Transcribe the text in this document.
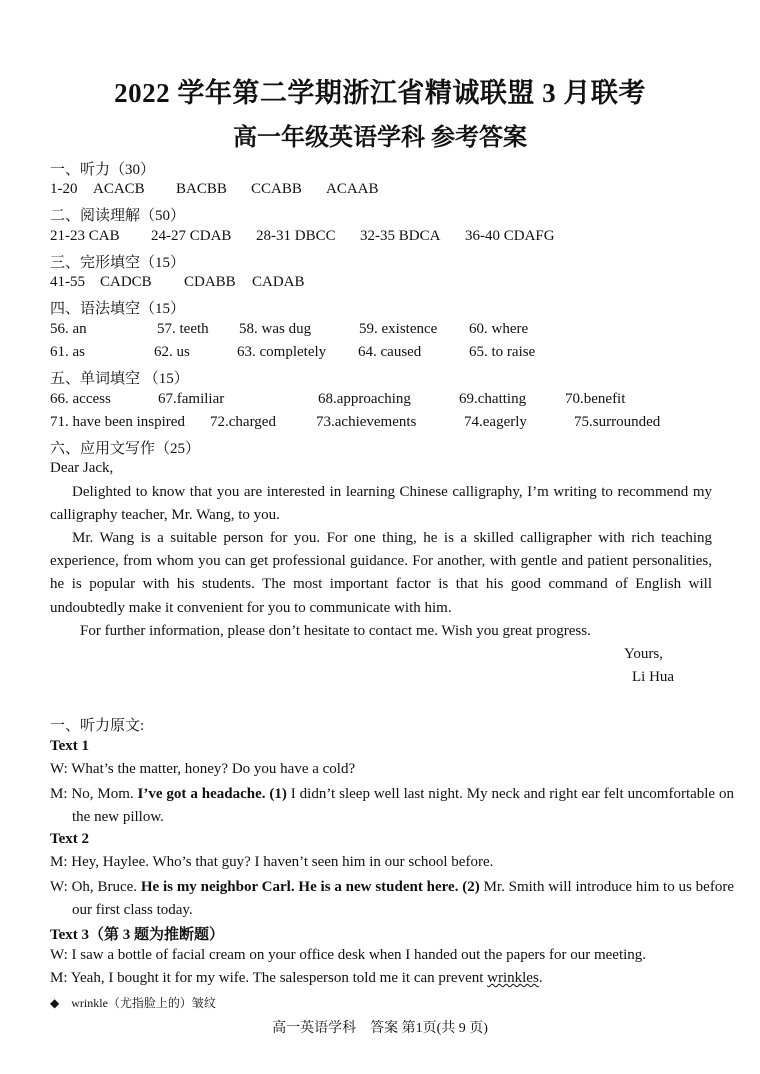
2022 学年第二学期浙江省精诚联盟 3 月联考
高一年级英语学科 参考答案
一、听力（30）
1-20 ACACB BACBB CCABB ACAAB
二、阅读理解（50）
21-23 CAB 24-27 CDAB 28-31 DBCC 32-35 BDCA 36-40 CDAFG
三、完形填空（15）
41-55 CADCB CDABB CADAB
四、语法填空（15）
56. an	57. teeth 58. was dug	59. existence 60. where
61. as	62. us	63. completely 64. caused	65. to raise
五、单词填空 （15）
66. access	67.familiar	68.approaching	69.chatting	70.benefit
71. have been inspired 72.charged	73.achievements	74.eagerly	75.surrounded
六、应用文写作（25）
Dear Jack,
Delighted to know that you are interested in learning Chinese calligraphy, I’m writing to recommend my calligraphy teacher, Mr. Wang, to you.
Mr. Wang is a suitable person for you. For one thing, he is a skilled calligrapher with rich teaching experience, from whom you can get professional guidance. For another, with gentle and patient personalities, he is popular with his students. The most important factor is that his good command of English will undoubtedly make it convenient for you to communicate with him.
For further information, please don’t hesitate to contact me. Wish you great progress.
Yours,
Li Hua
一、听力原文:
Text 1
W: What’s the matter, honey? Do you have a cold?
M: No, Mom. I’ve got a headache. (1) I didn’t sleep well last night. My neck and right ear felt uncomfortable on the new pillow.
Text 2
M: Hey, Haylee. Who’s that guy? I haven’t seen him in our school before.
W: Oh, Bruce. He is my neighbor Carl. He is a new student here. (2) Mr. Smith will introduce him to us before our first class today.
Text 3（第 3 题为推断题）
W: I saw a bottle of facial cream on your office desk when I handed out the papers for our meeting.
M: Yeah, I bought it for my wife. The salesperson told me it can prevent wrinkles.
◆ wrinkle（尤指脸上的）皱纹
高一英语学科　答案 第1页(共 9 页)
